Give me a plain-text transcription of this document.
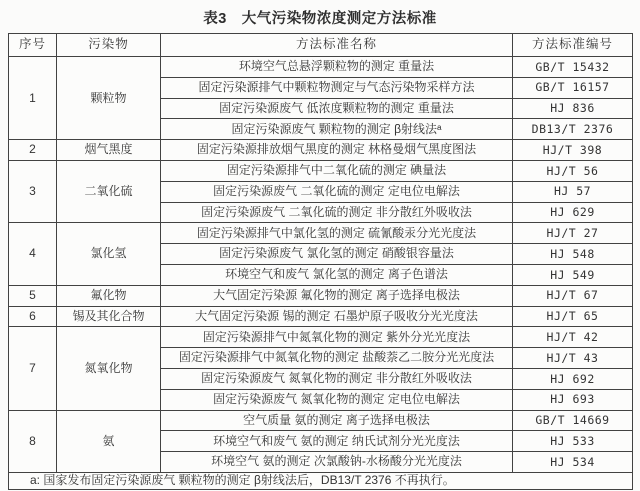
表3　大气污染物浓度测定方法标准
序号	污染物	方法标准名称	方法标准编号
1	颗粒物	环境空气总悬浮颗粒物的测定 重量法	GB/T 15432
		固定污染源排气中颗粒物测定与气态污染物采样方法	GB/T 16157
		固定污染源废气 低浓度颗粒物的测定 重量法	HJ 836
		固定污染源废气 颗粒物的测定 β射线法ᵃ	DB13/T 2376
2	烟气黑度	固定污染源排放烟气黑度的测定 林格曼烟气黑度图法	HJ/T 398
3	二氧化硫	固定污染源排气中二氧化硫的测定 碘量法	HJ/T 56
		固定污染源废气 二氧化硫的测定 定电位电解法	HJ 57
		固定污染源废气 二氧化硫的测定 非分散红外吸收法	HJ 629
4	氯化氢	固定污染源排气中氯化氢的测定 硫氰酸汞分光光度法	HJ/T 27
		固定污染源废气 氯化氢的测定 硝酸银容量法	HJ 548
		环境空气和废气 氯化氢的测定 离子色谱法	HJ 549
5	氟化物	大气固定污染源 氟化物的测定 离子选择电极法	HJ/T 67
6	锡及其化合物	大气固定污染源 锡的测定 石墨炉原子吸收分光光度法	HJ/T 65
7	氮氧化物	固定污染源排气中氮氧化物的测定 紫外分光光度法	HJ/T 42
		固定污染源排气中氮氧化物的测定 盐酸萘乙二胺分光光度法	HJ/T 43
		固定污染源废气 氮氧化物的测定 非分散红外吸收法	HJ 692
		固定污染源废气 氮氧化物的测定 定电位电解法	HJ 693
8	氨	空气质量 氨的测定 离子选择电极法	GB/T 14669
		环境空气和废气 氨的测定 纳氏试剂分光光度法	HJ 533
		环境空气 氨的测定 次氯酸钠-水杨酸分光光度法	HJ 534
a: 国家发布固定污染源废气 颗粒物的测定 β射线法后，DB13/T 2376 不再执行。			
